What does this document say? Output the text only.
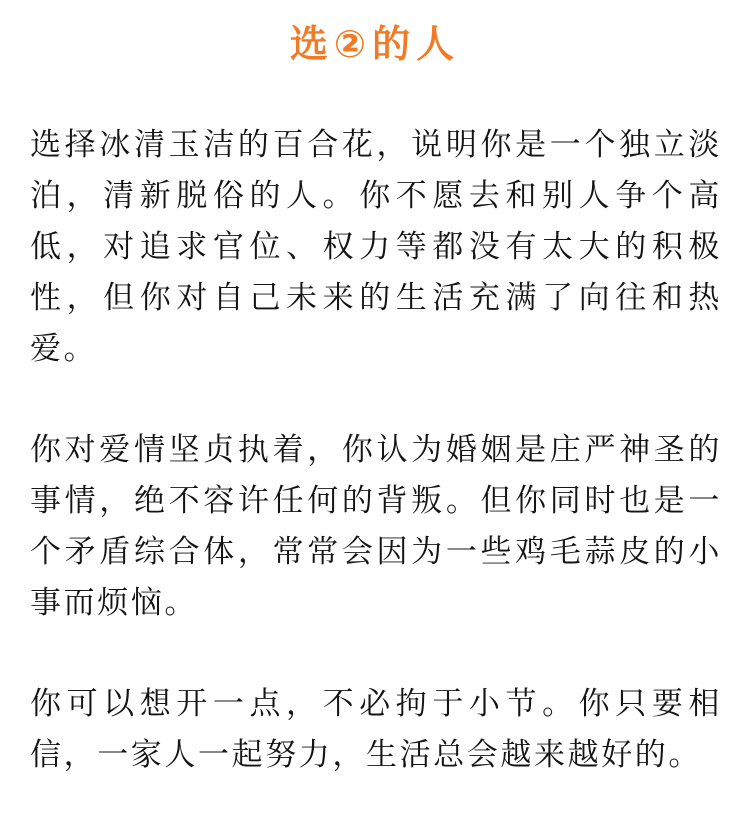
选②的人

选择冰清玉洁的百合花，说明你是一个独立淡泊，清新脱俗的人。你不愿去和别人争个高低，对追求官位、权力等都没有太大的积极性，但你对自己未来的生活充满了向往和热爱。

你对爱情坚贞执着，你认为婚姻是庄严神圣的事情，绝不容许任何的背叛。但你同时也是一个矛盾综合体，常常会因为一些鸡毛蒜皮的小事而烦恼。

你可以想开一点，不必拘于小节。你只要相信，一家人一起努力，生活总会越来越好的。
